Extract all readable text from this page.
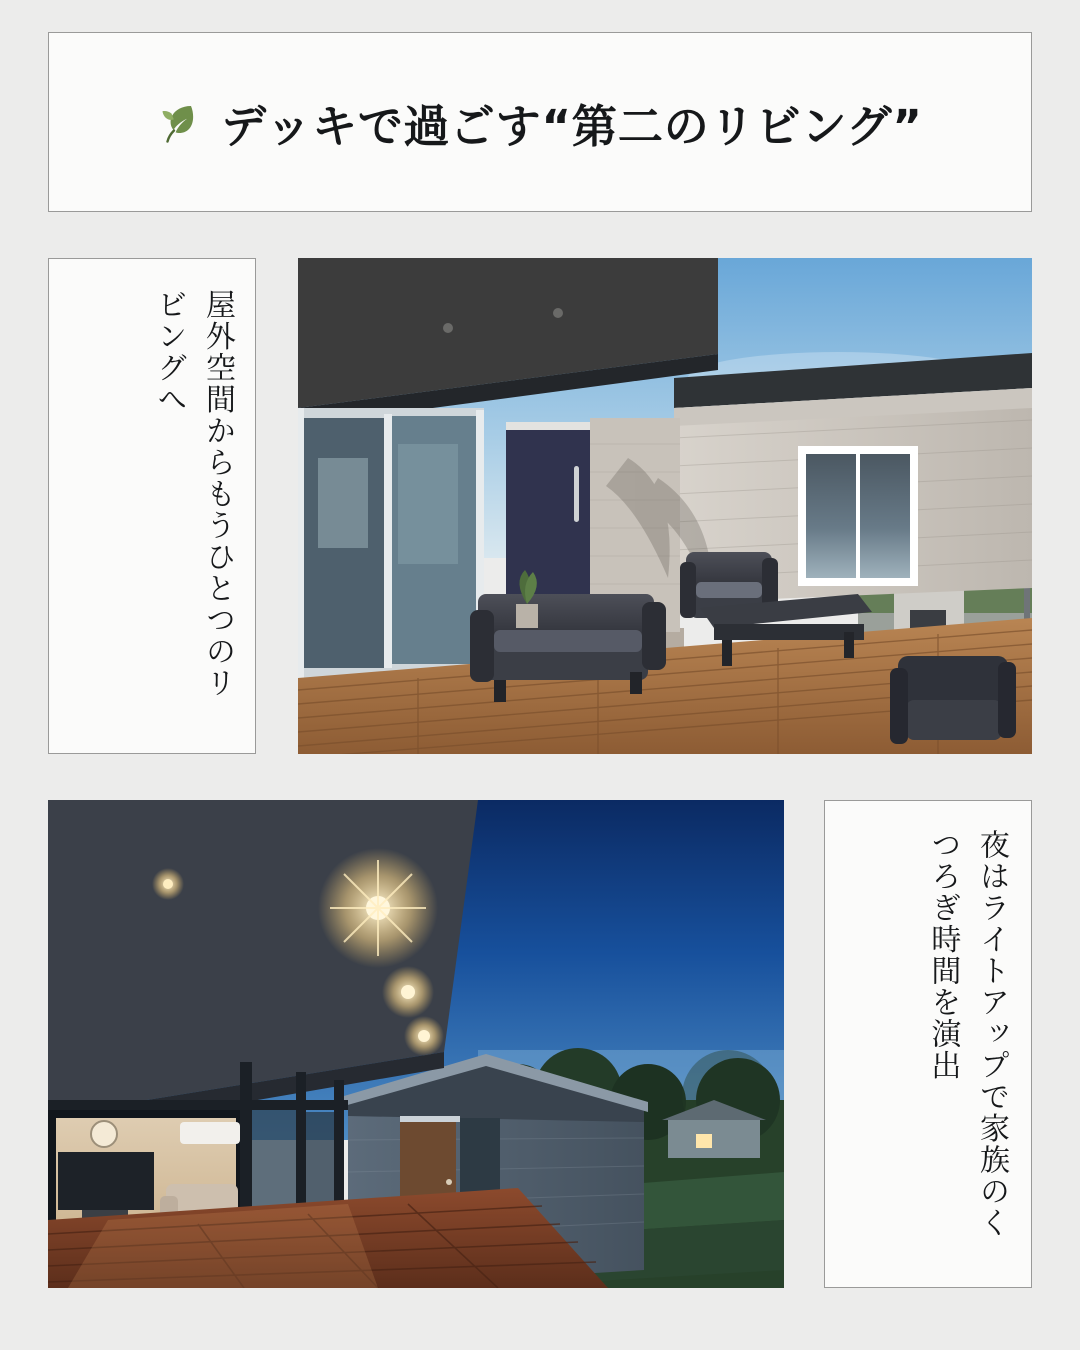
デッキで過ごす“第二のリビング”
屋外空間からもうひとつのリビングへ
夜はライトアップで家族のくつろぎ時間を演出
